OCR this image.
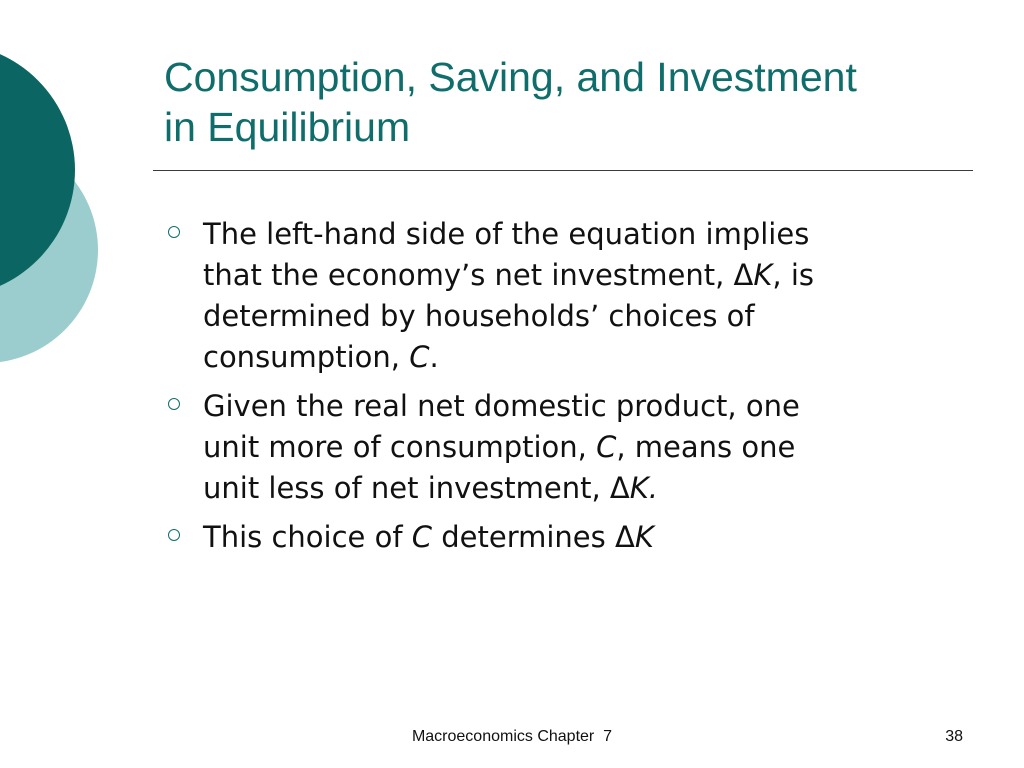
Consumption, Saving, and Investment
in Equilibrium
The left-hand side of the equation implies
that the economy’s net investment, ΔK, is
determined by households’ choices of
consumption, C.
Given the real net domestic product, one
unit more of consumption, C, means one
unit less of net investment, ΔK.
This choice of C determines ΔK
Macroeconomics Chapter  7	38
